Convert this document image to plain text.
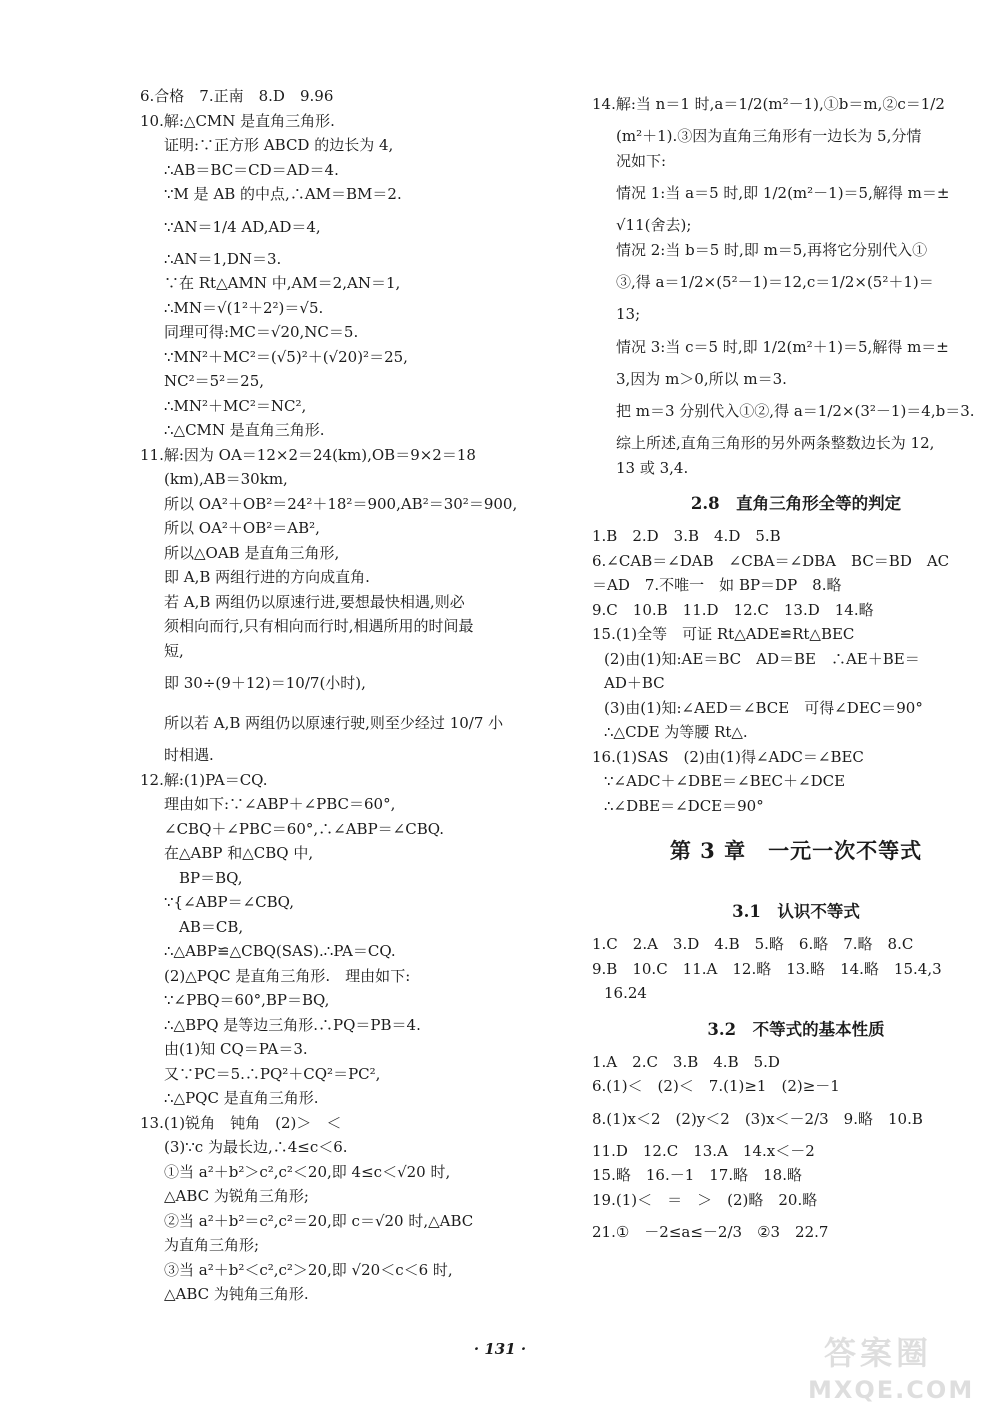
6.合格　7.正南　8.D　9.96
10.解:△CMN 是直角三角形.
证明:∵正方形 ABCD 的边长为 4,
∴AB＝BC＝CD＝AD＝4.
∵M 是 AB 的中点,∴AM＝BM＝2.
∵AN＝1/4 AD,AD＝4,
∴AN＝1,DN＝3.
∵在 Rt△AMN 中,AM＝2,AN＝1,
∴MN＝√(1²＋2²)＝√5.
同理可得:MC＝√20,NC＝5.
∵MN²＋MC²＝(√5)²＋(√20)²＝25,
NC²＝5²＝25,
∴MN²＋MC²＝NC²,
∴△CMN 是直角三角形.
11.解:因为 OA＝12×2＝24(km),OB＝9×2＝18
(km),AB＝30km,
所以 OA²＋OB²＝24²＋18²＝900,AB²＝30²＝900,
所以 OA²＋OB²＝AB²,
所以△OAB 是直角三角形,
即 A,B 两组行进的方向成直角.
若 A,B 两组仍以原速行进,要想最快相遇,则必
须相向而行,只有相向而行时,相遇所用的时间最
短,
即 30÷(9＋12)＝10/7(小时),
所以若 A,B 两组仍以原速行驶,则至少经过 10/7 小
时相遇.
12.解:(1)PA＝CQ.
理由如下:∵∠ABP＋∠PBC＝60°,
∠CBQ＋∠PBC＝60°,∴∠ABP＝∠CBQ.
在△ABP 和△CBQ 中,
　BP＝BQ,
∵{∠ABP＝∠CBQ,
　AB＝CB,
∴△ABP≌△CBQ(SAS).∴PA＝CQ.
(2)△PQC 是直角三角形.　理由如下:
∵∠PBQ＝60°,BP＝BQ,
∴△BPQ 是等边三角形.∴PQ＝PB＝4.
由(1)知 CQ＝PA＝3.
又∵PC＝5.∴PQ²＋CQ²＝PC²,
∴△PQC 是直角三角形.
13.(1)锐角　钝角　(2)＞　＜
(3)∵c 为最长边,∴4≤c＜6.
①当 a²＋b²＞c²,c²＜20,即 4≤c＜√20 时,
△ABC 为锐角三角形;
②当 a²＋b²＝c²,c²＝20,即 c＝√20 时,△ABC
为直角三角形;
③当 a²＋b²＜c²,c²＞20,即 √20＜c＜6 时,
△ABC 为钝角三角形.
14.解:当 n＝1 时,a＝1/2(m²－1),①b＝m,②c＝1/2
(m²＋1).③因为直角三角形有一边长为 5,分情
况如下:
情况 1:当 a＝5 时,即 1/2(m²－1)＝5,解得 m＝±
√11(舍去);
情况 2:当 b＝5 时,即 m＝5,再将它分别代入①
③,得 a＝1/2×(5²－1)＝12,c＝1/2×(5²＋1)＝
13;
情况 3:当 c＝5 时,即 1/2(m²＋1)＝5,解得 m＝±
3,因为 m＞0,所以 m＝3.
把 m＝3 分别代入①②,得 a＝1/2×(3²－1)＝4,b＝3.
综上所述,直角三角形的另外两条整数边长为 12,
13 或 3,4.
2.8　直角三角形全等的判定
1.B　2.D　3.B　4.D　5.B
6.∠CAB＝∠DAB　∠CBA＝∠DBA　BC＝BD　AC
＝AD　7.不唯一　如 BP＝DP　8.略
9.C　10.B　11.D　12.C　13.D　14.略
15.(1)全等　可证 Rt△ADE≌Rt△BEC
(2)由(1)知:AE＝BC　AD＝BE　∴AE＋BE＝
AD＋BC
(3)由(1)知:∠AED＝∠BCE　可得∠DEC＝90°
∴△CDE 为等腰 Rt△.
16.(1)SAS　(2)由(1)得∠ADC＝∠BEC
∵∠ADC＋∠DBE＝∠BEC＋∠DCE
∴∠DBE＝∠DCE＝90°
第 3 章　一元一次不等式
3.1　认识不等式
1.C　2.A　3.D　4.B　5.略　6.略　7.略　8.C
9.B　10.C　11.A　12.略　13.略　14.略　15.4,3
16.24
3.2　不等式的基本性质
1.A　2.C　3.B　4.B　5.D
6.(1)＜　(2)＜　7.(1)≥1　(2)≥－1
8.(1)x＜2　(2)y＜2　(3)x＜－2/3　9.略　10.B
11.D　12.C　13.A　14.x＜－2
15.略　16.－1　17.略　18.略
19.(1)＜　＝　＞　(2)略　20.略
21.①　－2≤a≤－2/3　②3　22.7
· 131 ·	答案圈
MXQE.COM
